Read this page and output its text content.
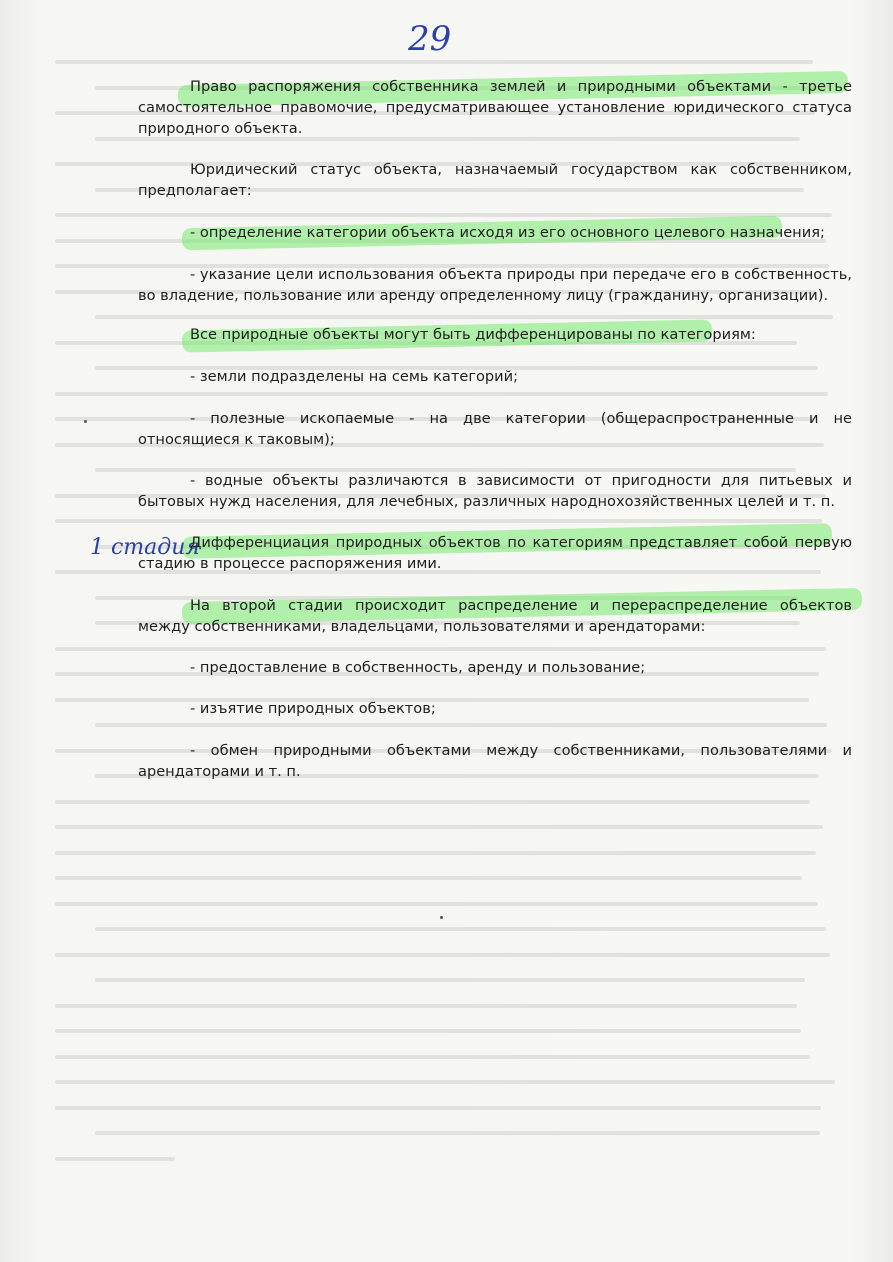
29
1 стадия

Право распоряжения собственника землей и природными объектами - третье самостоятельное правомочие, предусматривающее установление юридического статуса природного объекта.

Юридический статус объекта, назначаемый государством как собственником, предполагает:

- определение категории объекта исходя из его основного целевого назначения;

- указание цели использования объекта природы при передаче его в собственность, во владение, пользование или аренду определенному лицу (гражданину, организации).

Все природные объекты могут быть дифференцированы по категориям:

- земли подразделены на семь категорий;

- полезные ископаемые - на две категории (общераспространенные и не относящиеся к таковым);

- водные объекты различаются в зависимости от пригодности для питьевых и бытовых нужд населения, для лечебных, различных народнохозяйственных целей и т. п.

Дифференциация природных объектов по категориям представляет собой первую стадию в процессе распоряжения ими.

На второй стадии происходит распределение и перераспределение объектов между собственниками, владельцами, пользователями и арендаторами:

- предоставление в собственность, аренду и пользование;

- изъятие природных объектов;

- обмен природными объектами между собственниками, пользователями и арендаторами и т. п.
